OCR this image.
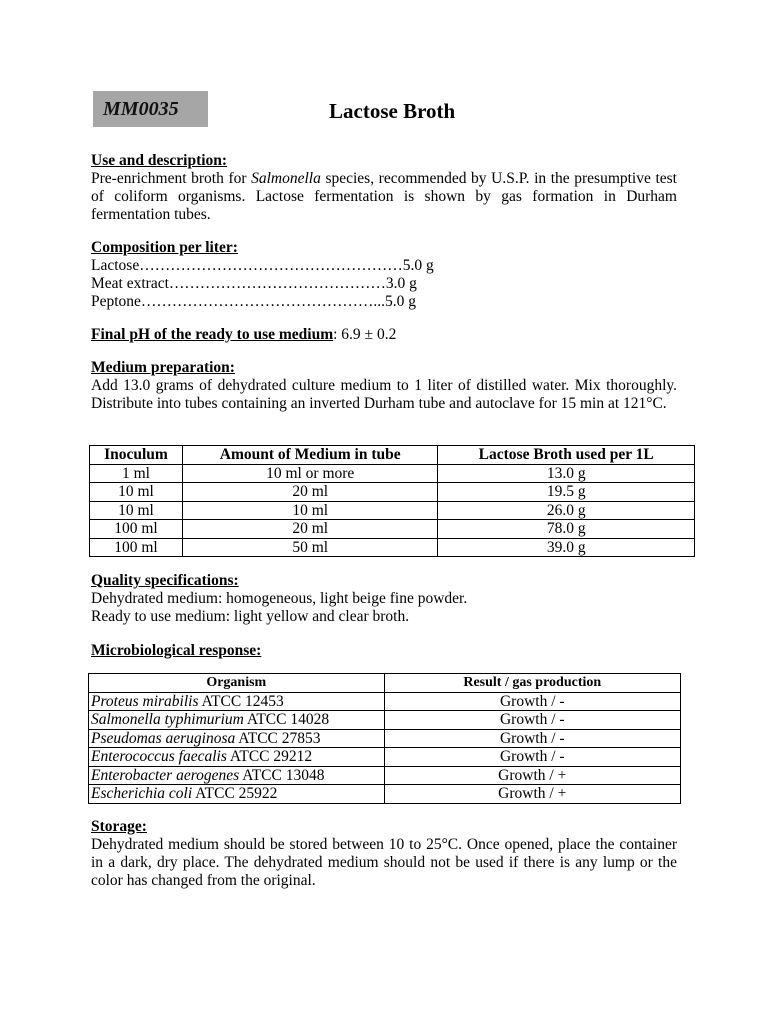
MM0035	Lactose Broth
Use and description:
Pre-enrichment broth for Salmonella species, recommended by U.S.P. in the presumptive test of coliform organisms. Lactose fermentation is shown by gas formation in Durham fermentation tubes.
Composition per liter:
Lactose……………………………………………5.0 g
Meat extract……………………………………3.0 g
Peptone………………………………………...5.0 g
Final pH of the ready to use medium: 6.9 ± 0.2
Medium preparation:
Add 13.0 grams of dehydrated culture medium to 1 liter of distilled water. Mix thoroughly. Distribute into tubes containing an inverted Durham tube and autoclave for 15 min at 121°C.
Inoculum	Amount of Medium in tube	Lactose Broth used per 1L
1 ml	10 ml or more	13.0 g
10 ml	20 ml	19.5 g
10 ml	10 ml	26.0 g
100 ml	20 ml	78.0 g
100 ml	50 ml	39.0 g
Quality specifications:
Dehydrated medium: homogeneous, light beige fine powder.
Ready to use medium: light yellow and clear broth.
Microbiological response:
Organism	Result / gas production
Proteus mirabilis ATCC 12453	Growth / -
Salmonella typhimurium ATCC 14028	Growth / -
Pseudomas aeruginosa ATCC 27853	Growth / -
Enterococcus faecalis ATCC 29212	Growth / -
Enterobacter aerogenes ATCC 13048	Growth / +
Escherichia coli ATCC 25922	Growth / +
Storage:
Dehydrated medium should be stored between 10 to 25°C. Once opened, place the container in a dark, dry place. The dehydrated medium should not be used if there is any lump or the color has changed from the original.
